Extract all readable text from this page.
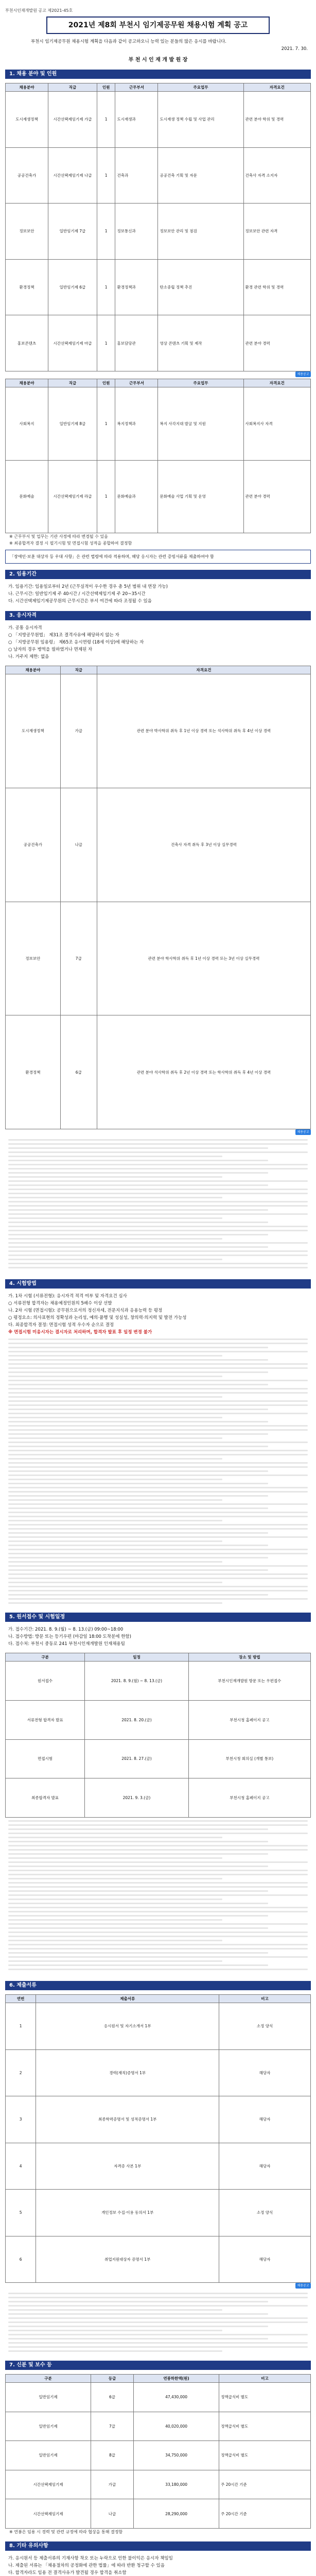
부천시인재개발원 공고 제2021-45호
2021년 제8회 부천시 임기제공무원 채용시험 계획 공고
부천시 임기제공무원 채용시험 계획을 다음과 같이 공고하오니 능력 있는 분들의 많은 응시를 바랍니다.
2021. 7. 30.
부 천 시 인 재 개 발 원 장
1. 채용 분야 및 인원
채용분야	직급	인원	근무부서	주요업무	자격요건
도시재생정책	시간선택제임기제 가급	1	도시재생과	도시재생 정책 수립 및 사업 관리	관련 분야 학위 및 경력
공공건축가	시간선택제임기제 나급	1	건축과	공공건축 기획 및 자문	건축사 자격 소지자
정보보안	일반임기제 7급	1	정보통신과	정보보안 관리 및 점검	정보보안 관련 자격
환경정책	일반임기제 6급	1	환경정책과	탄소중립 정책 추진	환경 관련 학위 및 경력
홍보콘텐츠	시간선택제임기제 마급	1	홍보담당관	영상 콘텐츠 기획 및 제작	관련 분야 경력
채용공고
채용분야	직급	인원	근무부서	주요업무	자격요건
사회복지	일반임기제 8급	1	복지정책과	복지 사각지대 발굴 및 지원	사회복지사 자격
문화예술	시간선택제임기제 라급	1	문화예술과	문화예술 사업 기획 및 운영	관련 분야 경력
※ 근무부서 및 업무는 기관 사정에 따라 변경될 수 있음
※ 최종합격자 결정 시 필기시험 및 면접시험 성적을 종합하여 결정함
「장애인·보훈 대상자 등 우대 사항」은 관련 법령에 따라 적용하며, 해당 응시자는 관련 증빙서류를 제출하여야 함
2. 임용기간
가. 임용기간: 임용일로부터 2년 (근무실적이 우수한 경우 총 5년 범위 내 연장 가능)
나. 근무시간: 일반임기제 주 40시간 / 시간선택제임기제 주 20~35시간
다. 시간선택제임기제공무원의 근무시간은 부서 여건에 따라 조정될 수 있음
3. 응시자격
가. 공통 응시자격
○ 「지방공무원법」 제31조 결격사유에 해당하지 않는 자
○ 「지방공무원 임용령」 제65조 응시연령 (18세 이상)에 해당하는 자
○ 남자의 경우 병역을 필하였거나 면제된 자
나. 거주지 제한: 없음
채용분야	직급	자격요건
도시재생정책	가급	관련 분야 박사학위 취득 후 1년 이상 경력 또는 석사학위 취득 후 4년 이상 경력
공공건축가	나급	건축사 자격 취득 후 3년 이상 실무경력
정보보안	7급	관련 분야 학사학위 취득 후 1년 이상 경력 또는 3년 이상 실무경력
환경정책	6급	관련 분야 석사학위 취득 후 2년 이상 경력 또는 학사학위 취득 후 4년 이상 경력
채용공고
4. 시험방법
가. 1차 시험 (서류전형): 응시자격 적격 여부 및 자격요건 심사
○ 서류전형 합격자는 채용예정인원의 5배수 이상 선발
나. 2차 시험 (면접시험): 공무원으로서의 정신자세, 전문지식과 응용능력 등 평정
○ 평정요소: 의사표현의 정확성과 논리성, 예의·품행 및 성실성, 창의력·의지력 및 발전 가능성
다. 최종합격자 결정: 면접시험 성적 우수자 순으로 결정
※ 면접시험 미응시자는 결시자로 처리하며, 합격자 발표 후 일정 변경 불가
5. 원서접수 및 시험일정
가. 접수기간: 2021. 8. 9.(월) ~ 8. 13.(금) 09:00~18:00
나. 접수방법: 방문 또는 등기우편 (마감일 18:00 도착분에 한함)
다. 접수처: 부천시 중동로 241 부천시인재개발원 인재채용팀
구분	일정	장소 및 방법
원서접수	2021. 8. 9.(월) ~ 8. 13.(금)	부천시인재개발원 방문 또는 우편접수
서류전형 합격자 발표	2021. 8. 20.(금)	부천시청 홈페이지 공고
면접시험	2021. 8. 27.(금)	부천시청 회의실 (개별 통보)
최종합격자 발표	2021. 9. 3.(금)	부천시청 홈페이지 공고
6. 제출서류
연번	제출서류	비고
1	응시원서 및 자기소개서 1부	소정 양식
2	경력(재직)증명서 1부	해당자
3	최종학력증명서 및 성적증명서 1부	해당자
4	자격증 사본 1부	해당자
5	개인정보 수집·이용 동의서 1부	소정 양식
6	취업지원대상자 증명서 1부	해당자
채용공고
7. 신분 및 보수 등
구분	등급	연봉하한액(원)	비고
일반임기제	6급	47,430,000	정액급식비 별도
일반임기제	7급	40,020,000	정액급식비 별도
일반임기제	8급	34,750,000	정액급식비 별도
시간선택제임기제	가급	33,180,000	주 20시간 기준
시간선택제임기제	나급	28,290,000	주 20시간 기준
※ 연봉은 임용 시 경력 및 관련 규정에 따라 협상을 통해 결정함
8. 기타 유의사항
가. 응시원서 등 제출서류의 기재사항 착오 또는 누락으로 인한 불이익은 응시자 책임임
나. 제출된 서류는 「채용절차의 공정화에 관한 법률」에 따라 반환 청구할 수 있음
다. 합격자라도 임용 전 결격사유가 발견될 경우 합격을 취소함
